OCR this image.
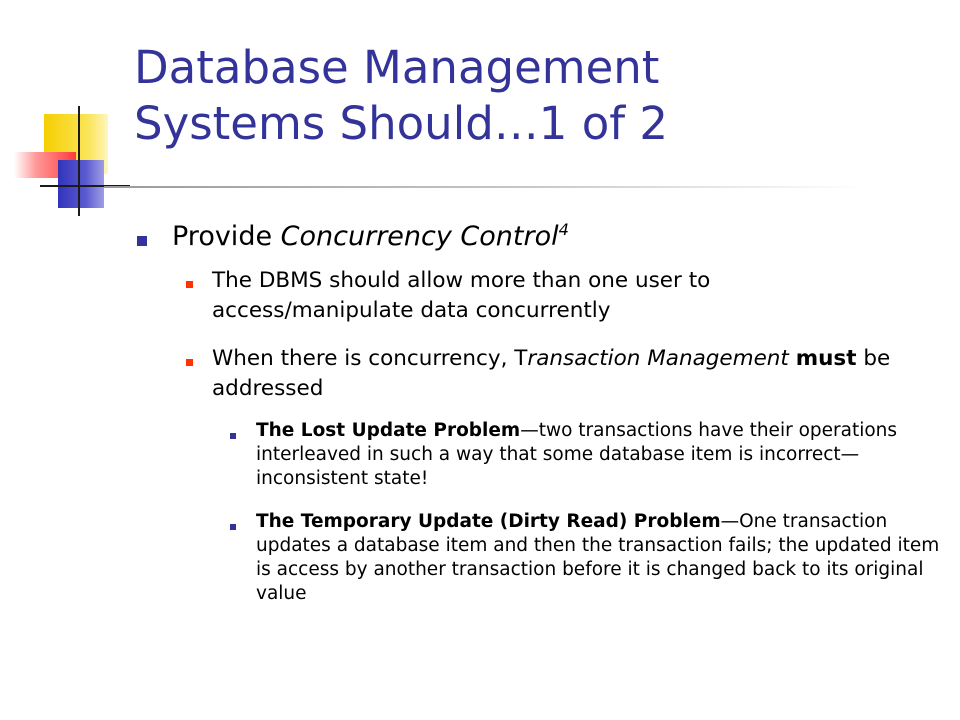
Database Management
Systems Should…1 of 2
Provide Concurrency Control$^4$
The DBMS should allow more than one user to access/manipulate data concurrently
When there is concurrency, Transaction Management must be addressed
The Lost Update Problem—two transactions have their operations interleaved in such a way that some database item is incorrect—inconsistent state!
The Temporary Update (Dirty Read) Problem—One transaction updates a database item and then the transaction fails; the updated item is access by another transaction before it is changed back to its original value
